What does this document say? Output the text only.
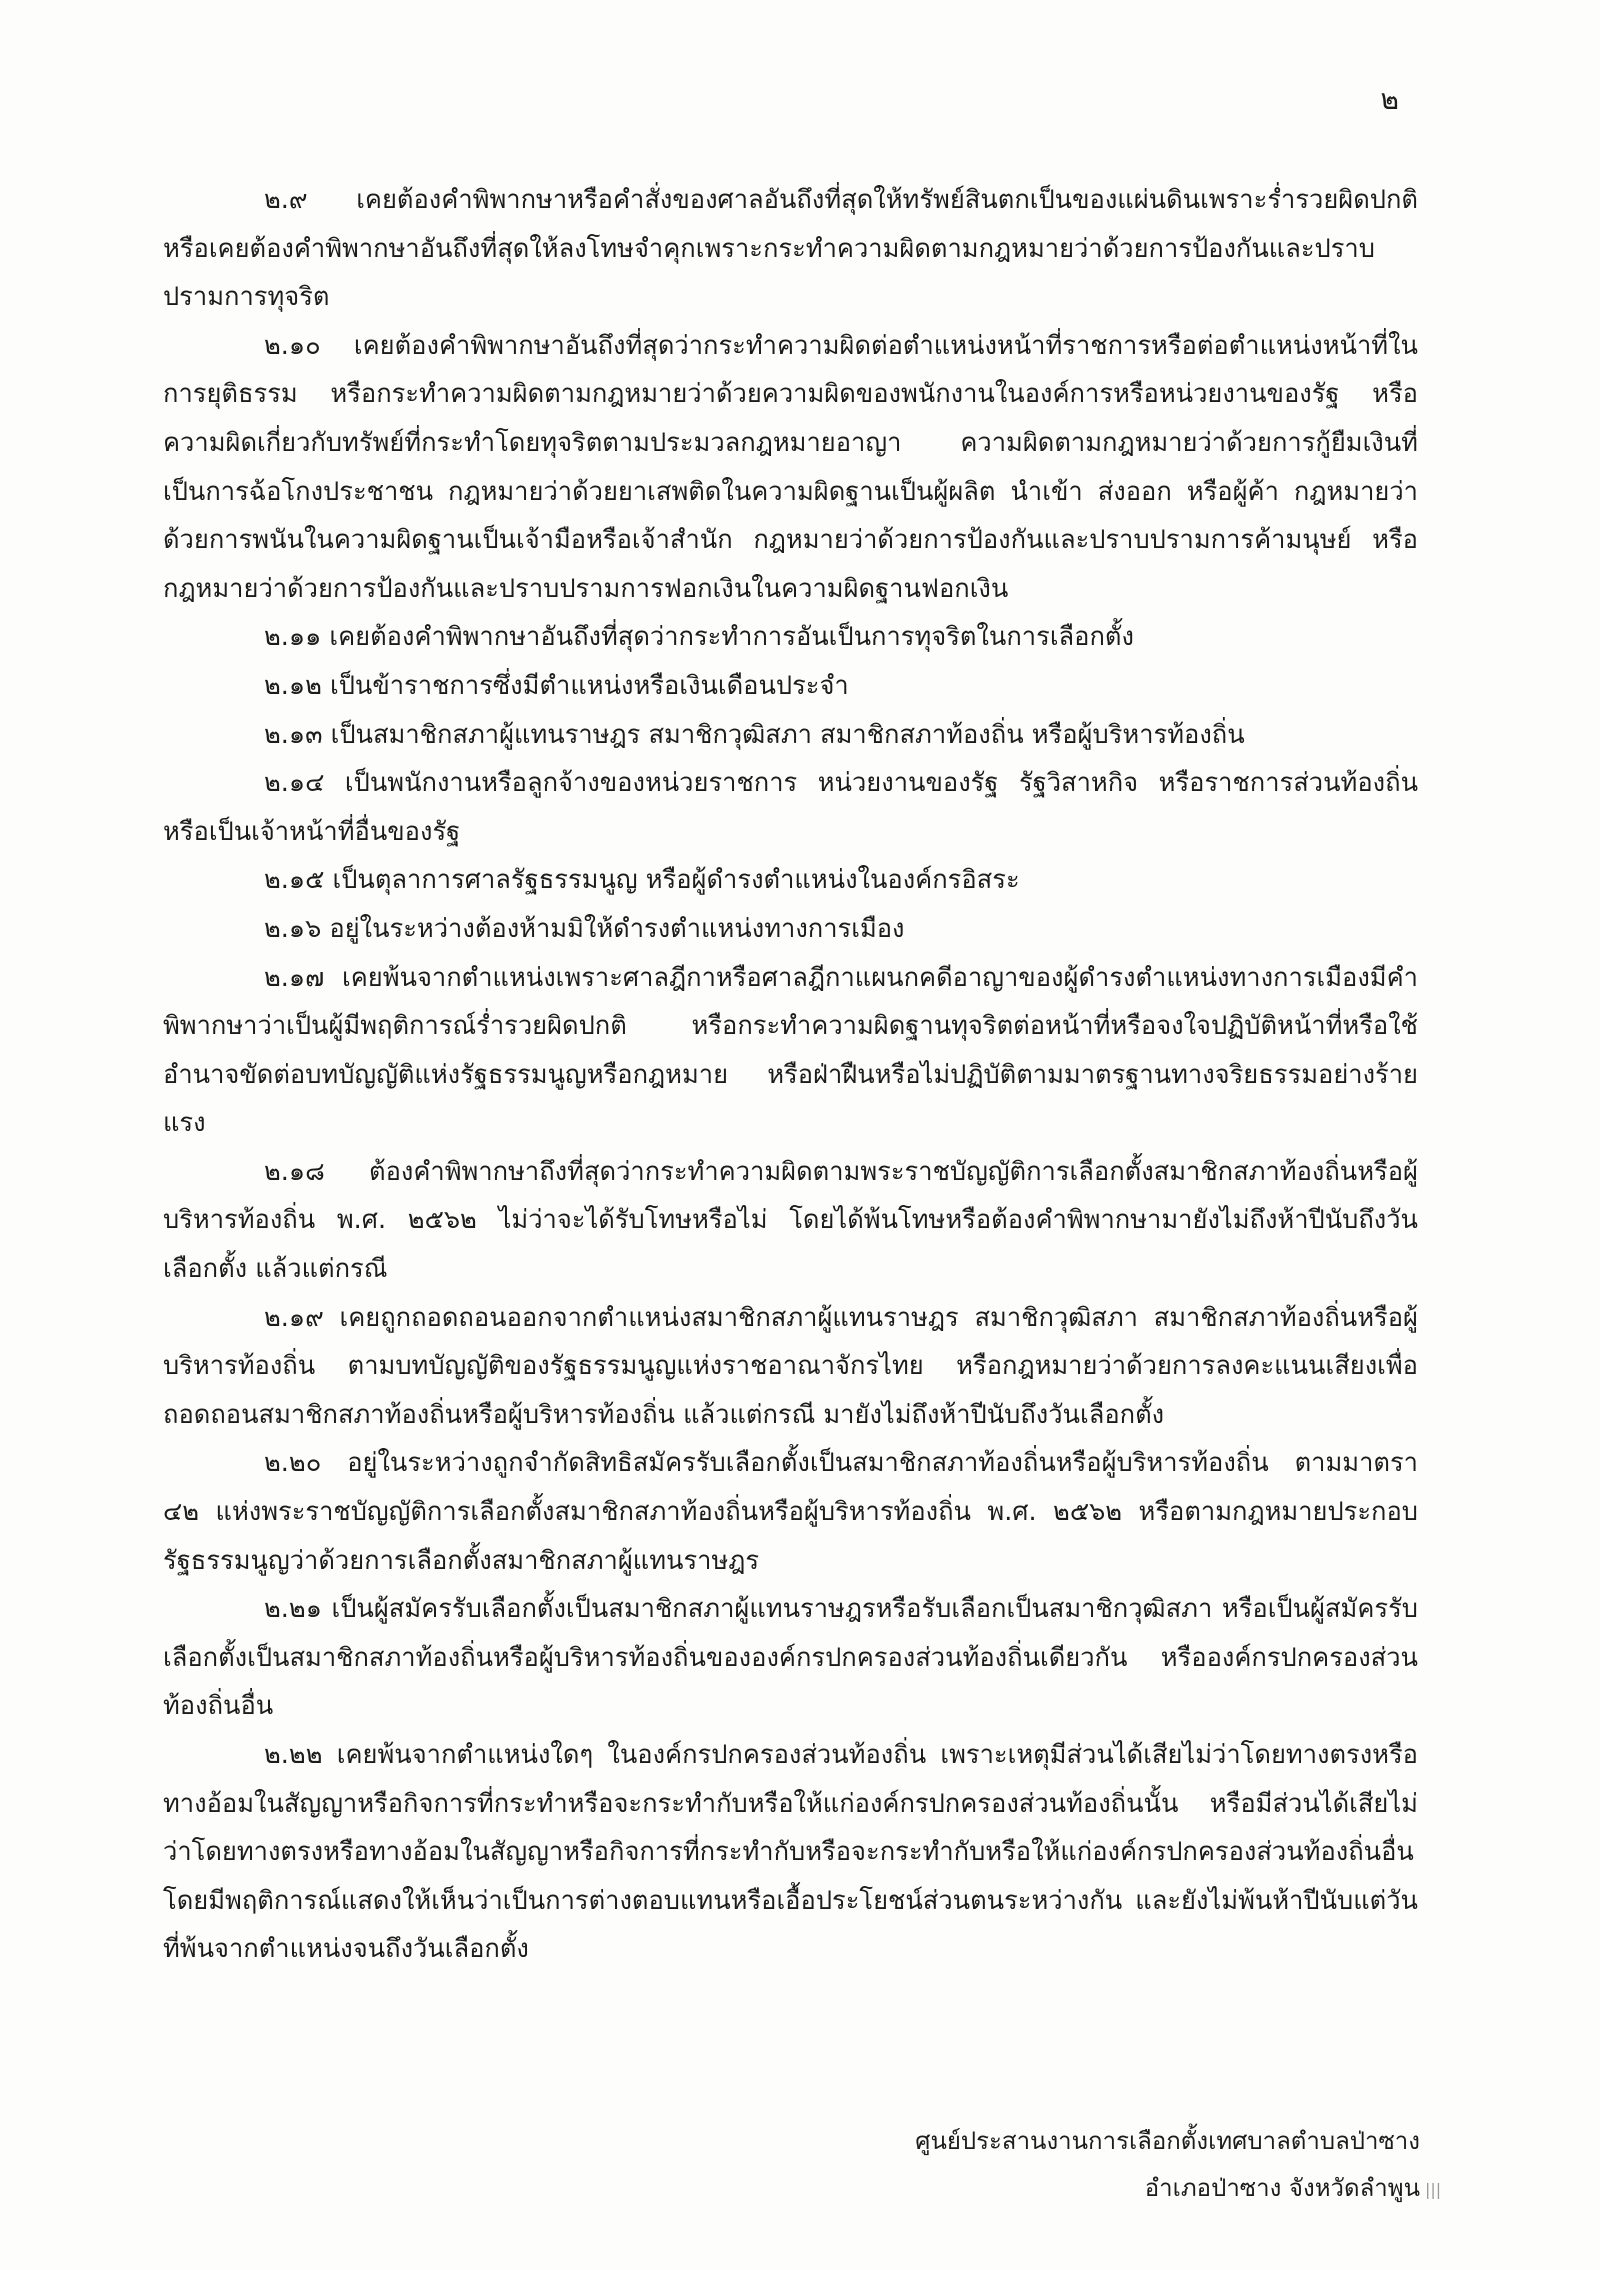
๒

๒.๙ เคยต้องคำพิพากษาหรือคำสั่งของศาลอันถึงที่สุดให้ทรัพย์สินตกเป็นของแผ่นดินเพราะร่ำรวยผิดปกติ หรือเคยต้องคำพิพากษาอันถึงที่สุดให้ลงโทษจำคุกเพราะกระทำความผิดตามกฎหมายว่าด้วยการป้องกันและปราบปรามการทุจริต

๒.๑๐ เคยต้องคำพิพากษาอันถึงที่สุดว่ากระทำความผิดต่อตำแหน่งหน้าที่ราชการหรือต่อตำแหน่งหน้าที่ในการยุติธรรม หรือกระทำความผิดตามกฎหมายว่าด้วยความผิดของพนักงานในองค์การหรือหน่วยงานของรัฐ หรือความผิดเกี่ยวกับทรัพย์ที่กระทำโดยทุจริตตามประมวลกฎหมายอาญา ความผิดตามกฎหมายว่าด้วยการกู้ยืมเงินที่เป็นการฉ้อโกงประชาชน กฎหมายว่าด้วยยาเสพติดในความผิดฐานเป็นผู้ผลิต นำเข้า ส่งออก หรือผู้ค้า กฎหมายว่าด้วยการพนันในความผิดฐานเป็นเจ้ามือหรือเจ้าสำนัก กฎหมายว่าด้วยการป้องกันและปราบปรามการค้ามนุษย์ หรือกฎหมายว่าด้วยการป้องกันและปราบปรามการฟอกเงินในความผิดฐานฟอกเงิน

๒.๑๑ เคยต้องคำพิพากษาอันถึงที่สุดว่ากระทำการอันเป็นการทุจริตในการเลือกตั้ง

๒.๑๒ เป็นข้าราชการซึ่งมีตำแหน่งหรือเงินเดือนประจำ

๒.๑๓ เป็นสมาชิกสภาผู้แทนราษฎร สมาชิกวุฒิสภา สมาชิกสภาท้องถิ่น หรือผู้บริหารท้องถิ่น

๒.๑๔ เป็นพนักงานหรือลูกจ้างของหน่วยราชการ หน่วยงานของรัฐ รัฐวิสาหกิจ หรือราชการส่วนท้องถิ่น หรือเป็นเจ้าหน้าที่อื่นของรัฐ

๒.๑๕ เป็นตุลาการศาลรัฐธรรมนูญ หรือผู้ดำรงตำแหน่งในองค์กรอิสระ

๒.๑๖ อยู่ในระหว่างต้องห้ามมิให้ดำรงตำแหน่งทางการเมือง

๒.๑๗ เคยพ้นจากตำแหน่งเพราะศาลฎีกาหรือศาลฎีกาแผนกคดีอาญาของผู้ดำรงตำแหน่งทางการเมืองมีคำพิพากษาว่าเป็นผู้มีพฤติการณ์ร่ำรวยผิดปกติ หรือกระทำความผิดฐานทุจริตต่อหน้าที่หรือจงใจปฏิบัติหน้าที่หรือใช้อำนาจขัดต่อบทบัญญัติแห่งรัฐธรรมนูญหรือกฎหมาย หรือฝ่าฝืนหรือไม่ปฏิบัติตามมาตรฐานทางจริยธรรมอย่างร้ายแรง

๒.๑๘ ต้องคำพิพากษาถึงที่สุดว่ากระทำความผิดตามพระราชบัญญัติการเลือกตั้งสมาชิกสภาท้องถิ่นหรือผู้บริหารท้องถิ่น พ.ศ. ๒๕๖๒ ไม่ว่าจะได้รับโทษหรือไม่ โดยได้พ้นโทษหรือต้องคำพิพากษามายังไม่ถึงห้าปีนับถึงวันเลือกตั้ง แล้วแต่กรณี

๒.๑๙ เคยถูกถอดถอนออกจากตำแหน่งสมาชิกสภาผู้แทนราษฎร สมาชิกวุฒิสภา สมาชิกสภาท้องถิ่นหรือผู้บริหารท้องถิ่น ตามบทบัญญัติของรัฐธรรมนูญแห่งราชอาณาจักรไทย หรือกฎหมายว่าด้วยการลงคะแนนเสียงเพื่อถอดถอนสมาชิกสภาท้องถิ่นหรือผู้บริหารท้องถิ่น แล้วแต่กรณี มายังไม่ถึงห้าปีนับถึงวันเลือกตั้ง

๒.๒๐ อยู่ในระหว่างถูกจำกัดสิทธิสมัครรับเลือกตั้งเป็นสมาชิกสภาท้องถิ่นหรือผู้บริหารท้องถิ่น ตามมาตรา ๔๒ แห่งพระราชบัญญัติการเลือกตั้งสมาชิกสภาท้องถิ่นหรือผู้บริหารท้องถิ่น พ.ศ. ๒๕๖๒ หรือตามกฎหมายประกอบรัฐธรรมนูญว่าด้วยการเลือกตั้งสมาชิกสภาผู้แทนราษฎร

๒.๒๑ เป็นผู้สมัครรับเลือกตั้งเป็นสมาชิกสภาผู้แทนราษฎรหรือรับเลือกเป็นสมาชิกวุฒิสภา หรือเป็นผู้สมัครรับเลือกตั้งเป็นสมาชิกสภาท้องถิ่นหรือผู้บริหารท้องถิ่นขององค์กรปกครองส่วนท้องถิ่นเดียวกัน หรือองค์กรปกครองส่วนท้องถิ่นอื่น

๒.๒๒ เคยพ้นจากตำแหน่งใดๆ ในองค์กรปกครองส่วนท้องถิ่น เพราะเหตุมีส่วนได้เสียไม่ว่าโดยทางตรงหรือทางอ้อมในสัญญาหรือกิจการที่กระทำหรือจะกระทำกับหรือให้แก่องค์กรปกครองส่วนท้องถิ่นนั้น หรือมีส่วนได้เสียไม่ว่าโดยทางตรงหรือทางอ้อมในสัญญาหรือกิจการที่กระทำกับหรือจะกระทำกับหรือให้แก่องค์กรปกครองส่วนท้องถิ่นอื่น โดยมีพฤติการณ์แสดงให้เห็นว่าเป็นการต่างตอบแทนหรือเอื้อประโยชน์ส่วนตนระหว่างกัน และยังไม่พ้นห้าปีนับแต่วันที่พ้นจากตำแหน่งจนถึงวันเลือกตั้ง

ศูนย์ประสานงานการเลือกตั้งเทศบาลตำบลป่าซาง
อำเภอป่าซาง จังหวัดลำพูน |||
